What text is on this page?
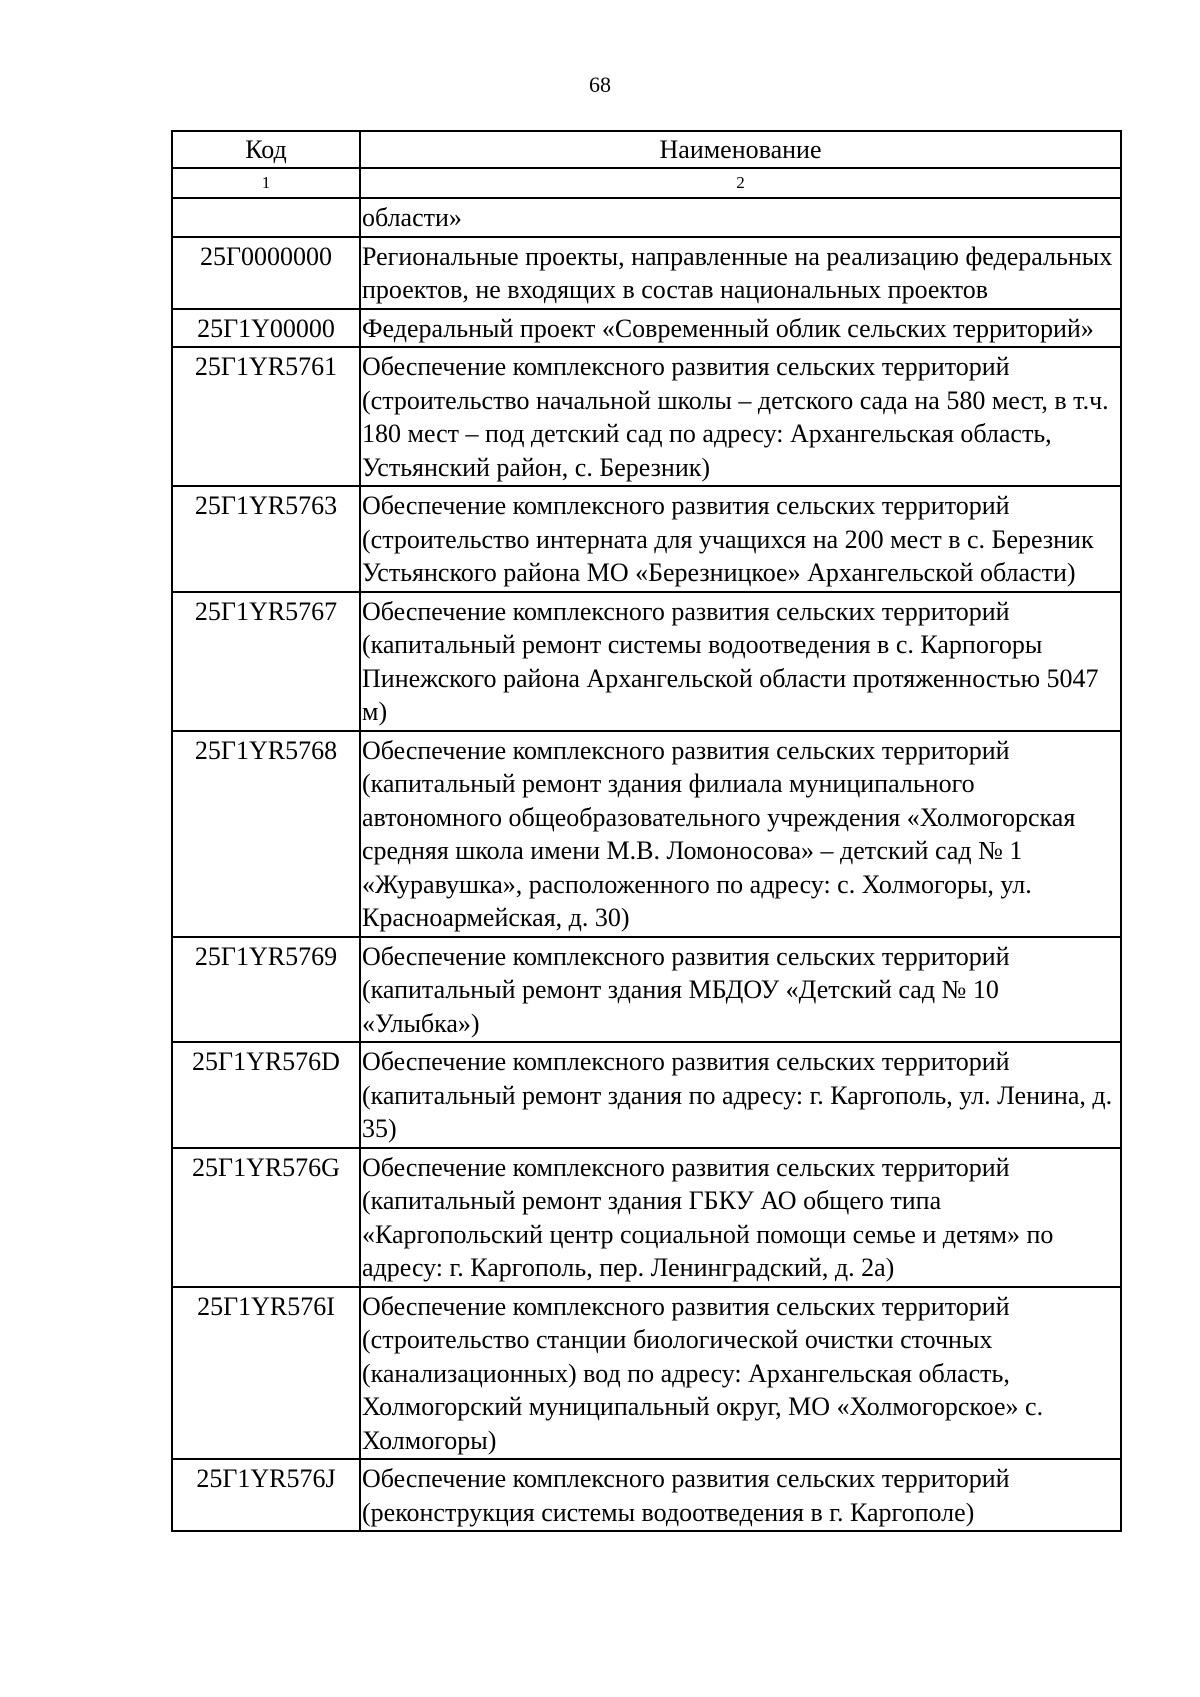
68
Код	Наименование
1	2
	области»
25Г0000000	Региональные проекты, направленные на реализацию федеральных проектов, не входящих в состав национальных проектов
25Г1Y00000	Федеральный проект «Современный облик сельских территорий»
25Г1YR5761	Обеспечение комплексного развития сельских территорий (строительство начальной школы – детского сада на 580 мест, в т.ч. 180 мест – под детский сад по адресу: Архангельская область, Устьянский район, с. Березник)
25Г1YR5763	Обеспечение комплексного развития сельских территорий (строительство интерната для учащихся на 200 мест в с. Березник Устьянского района МО «Березницкое» Архангельской области)
25Г1YR5767	Обеспечение комплексного развития сельских территорий (капитальный ремонт системы водоотведения в с. Карпогоры Пинежского района Архангельской области протяженностью 5047 м)
25Г1YR5768	Обеспечение комплексного развития сельских территорий (капитальный ремонт здания филиала муниципального автономного общеобразовательного учреждения «Холмогорская средняя школа имени М.В. Ломоносова» – детский сад № 1 «Журавушка», расположенного по адресу: с. Холмогоры, ул. Красноармейская, д. 30)
25Г1YR5769	Обеспечение комплексного развития сельских территорий (капитальный ремонт здания МБДОУ «Детский сад № 10 «Улыбка»)
25Г1YR576D	Обеспечение комплексного развития сельских территорий (капитальный ремонт здания по адресу: г. Каргополь, ул. Ленина, д. 35)
25Г1YR576G	Обеспечение комплексного развития сельских территорий (капитальный ремонт здания ГБКУ АО общего типа «Каргопольский центр социальной помощи семье и детям» по адресу: г. Каргополь, пер. Ленинградский, д. 2а)
25Г1YR576I	Обеспечение комплексного развития сельских территорий (строительство станции биологической очистки сточных (канализационных) вод по адресу: Архангельская область, Холмогорский муниципальный округ, МО «Холмогорское» с. Холмогоры)
25Г1YR576J	Обеспечение комплексного развития сельских территорий (реконструкция системы водоотведения в г. Каргополе)
